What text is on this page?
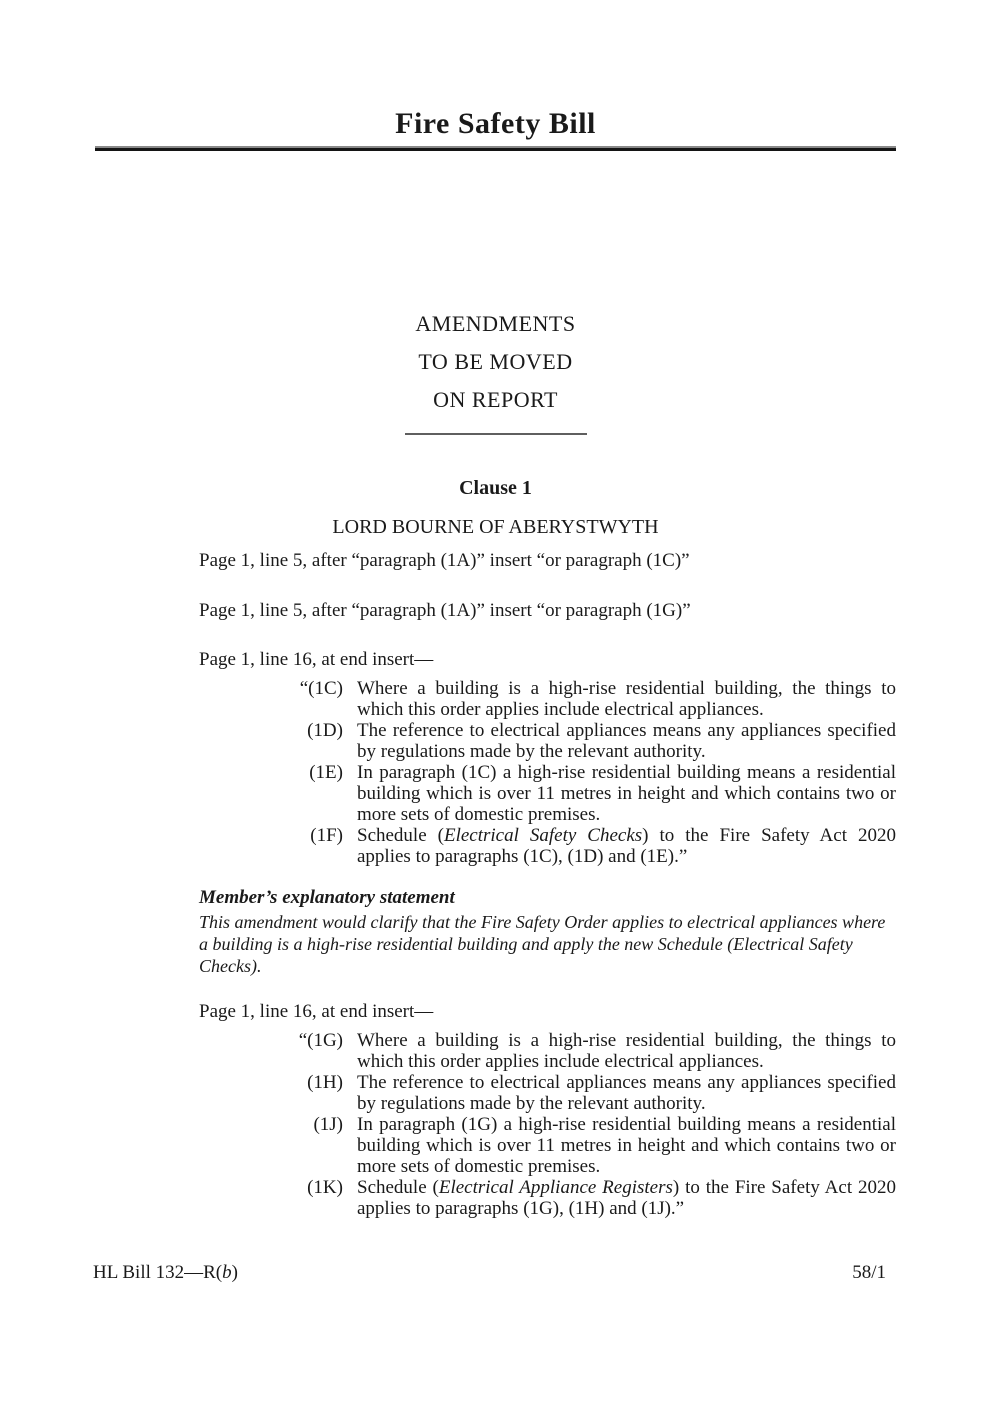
Fire Safety Bill
AMENDMENTS
TO BE MOVED
ON REPORT
Clause 1
LORD BOURNE OF ABERYSTWYTH

Page 1, line 5, after “paragraph (1A)” insert “or paragraph (1C)”

Page 1, line 5, after “paragraph (1A)” insert “or paragraph (1G)”

Page 1, line 16, at end insert—

“(1C) Where a building is a high-rise residential building, the things to which this order applies include electrical appliances.
(1D) The reference to electrical appliances means any appliances specified by regulations made by the relevant authority.
(1E) In paragraph (1C) a high-rise residential building means a residential building which is over 11 metres in height and which contains two or more sets of domestic premises.
(1F) Schedule (Electrical Safety Checks) to the Fire Safety Act 2020 applies to paragraphs (1C), (1D) and (1E).”
Member’s explanatory statement
This amendment would clarify that the Fire Safety Order applies to electrical appliances where a building is a high-rise residential building and apply the new Schedule (Electrical Safety Checks).

Page 1, line 16, at end insert—

“(1G) Where a building is a high-rise residential building, the things to which this order applies include electrical appliances.
(1H) The reference to electrical appliances means any appliances specified by regulations made by the relevant authority.
(1J) In paragraph (1G) a high-rise residential building means a residential building which is over 11 metres in height and which contains two or more sets of domestic premises.
(1K) Schedule (Electrical Appliance Registers) to the Fire Safety Act 2020 applies to paragraphs (1G), (1H) and (1J).”
HL Bill 132—R(b)	58/1
